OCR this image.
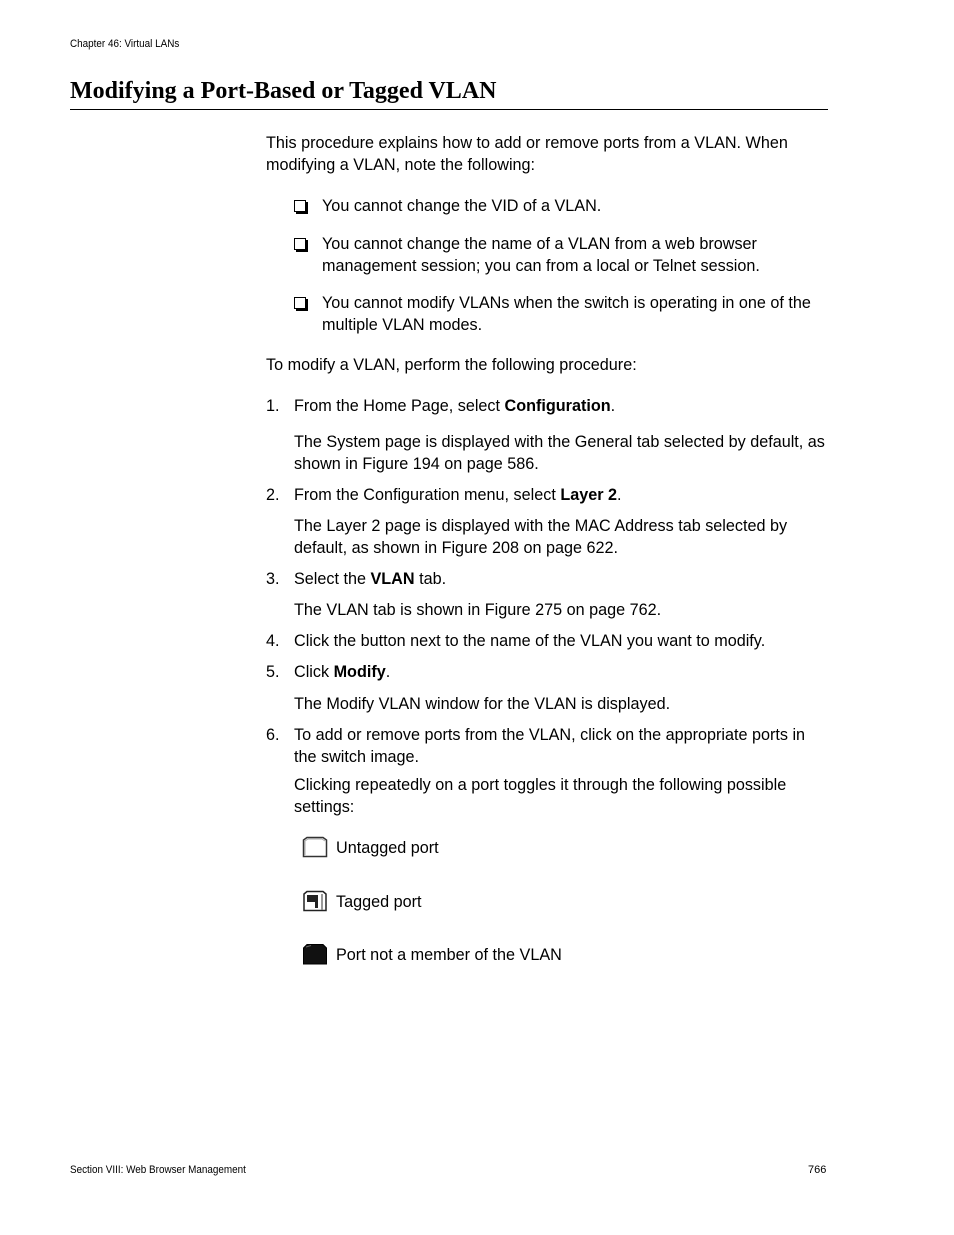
Chapter 46: Virtual LANs
Modifying a Port-Based or Tagged VLAN
This procedure explains how to add or remove ports from a VLAN. When modifying a VLAN, note the following:
You cannot change the VID of a VLAN.
You cannot change the name of a VLAN from a web browser management session; you can from a local or Telnet session.
You cannot modify VLANs when the switch is operating in one of the multiple VLAN modes.
To modify a VLAN, perform the following procedure:
1. From the Home Page, select Configuration.
The System page is displayed with the General tab selected by default, as shown in Figure 194 on page 586.
2. From the Configuration menu, select Layer 2.
The Layer 2 page is displayed with the MAC Address tab selected by default, as shown in Figure 208 on page 622.
3. Select the VLAN tab.
The VLAN tab is shown in Figure 275 on page 762.
4. Click the button next to the name of the VLAN you want to modify.
5. Click Modify.
The Modify VLAN window for the VLAN is displayed.
6. To add or remove ports from the VLAN, click on the appropriate ports in the switch image.
Clicking repeatedly on a port toggles it through the following possible settings:
Untagged port
Tagged port
Port not a member of the VLAN
Section VIII: Web Browser Management	766
